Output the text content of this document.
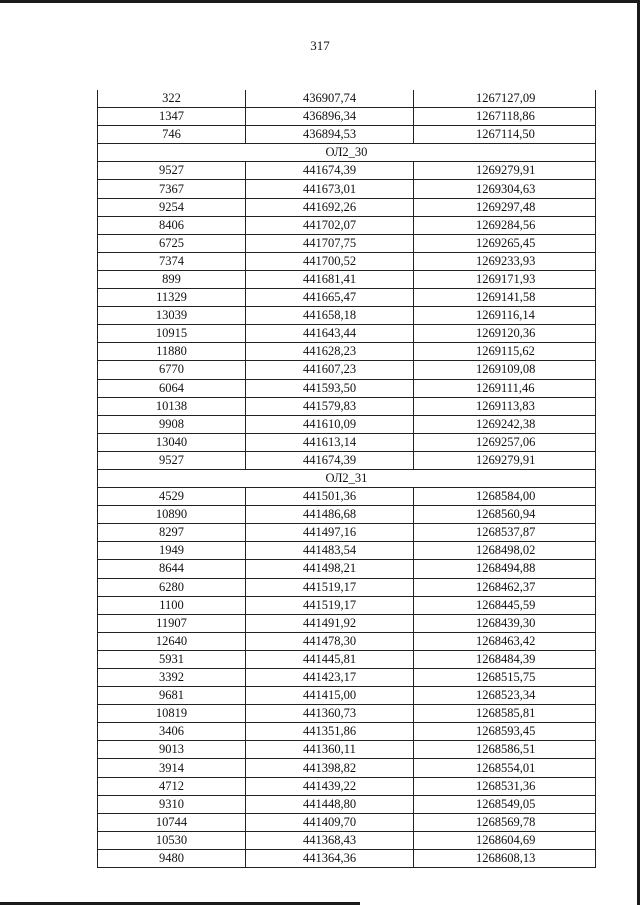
317
322	436907,74	1267127,09
1347	436896,34	1267118,86
746	436894,53	1267114,50
ОЛ2_30		
9527	441674,39	1269279,91
7367	441673,01	1269304,63
9254	441692,26	1269297,48
8406	441702,07	1269284,56
6725	441707,75	1269265,45
7374	441700,52	1269233,93
899	441681,41	1269171,93
11329	441665,47	1269141,58
13039	441658,18	1269116,14
10915	441643,44	1269120,36
11880	441628,23	1269115,62
6770	441607,23	1269109,08
6064	441593,50	1269111,46
10138	441579,83	1269113,83
9908	441610,09	1269242,38
13040	441613,14	1269257,06
9527	441674,39	1269279,91
ОЛ2_31		
4529	441501,36	1268584,00
10890	441486,68	1268560,94
8297	441497,16	1268537,87
1949	441483,54	1268498,02
8644	441498,21	1268494,88
6280	441519,17	1268462,37
1100	441519,17	1268445,59
11907	441491,92	1268439,30
12640	441478,30	1268463,42
5931	441445,81	1268484,39
3392	441423,17	1268515,75
9681	441415,00	1268523,34
10819	441360,73	1268585,81
3406	441351,86	1268593,45
9013	441360,11	1268586,51
3914	441398,82	1268554,01
4712	441439,22	1268531,36
9310	441448,80	1268549,05
10744	441409,70	1268569,78
10530	441368,43	1268604,69
9480	441364,36	1268608,13
